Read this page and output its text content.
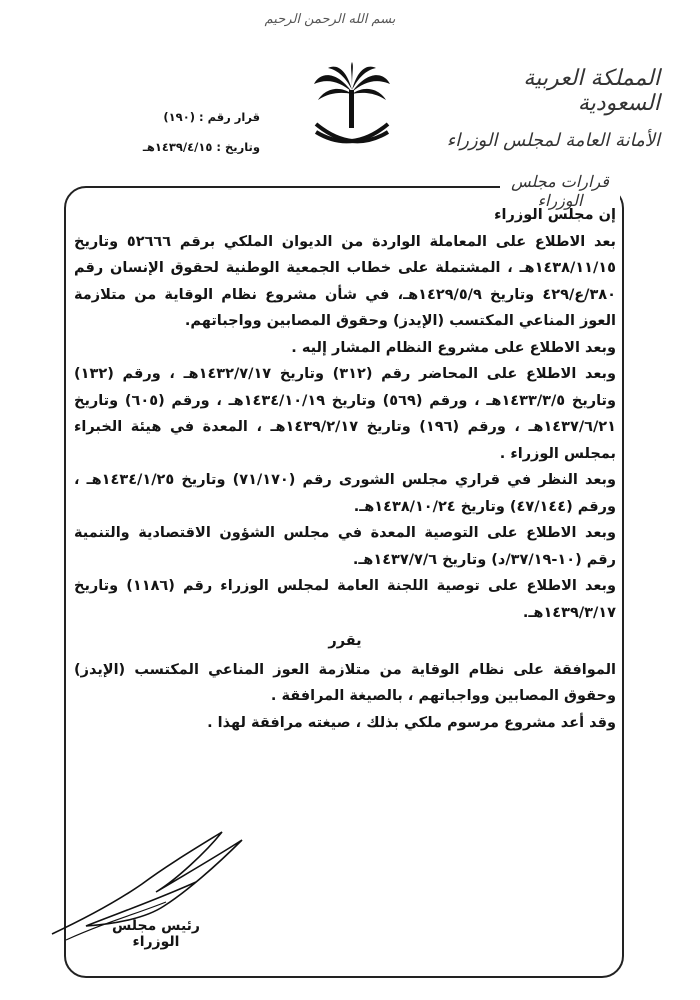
بسم الله الرحمن الرحيم
المملكة العربية السعودية
الأمانة العامة لمجلس الوزراء
قرار رقم : (١٩٠)
وتاريخ : ١٤٣٩/٤/١٥هـ
قرارات مجلس الوزراء

إن مجلس الوزراء

بعد الاطلاع على المعاملة الواردة من الديوان الملكي برقم ٥٢٦٦٦ وتاريخ ١٤٣٨/١١/١٥هـ ، المشتملة على خطاب الجمعية الوطنية لحقوق الإنسان رقم ٣٨٠/ع/٤٢٩ وتاريخ ١٤٢٩/٥/٩هـ، في شأن مشروع نظام الوقاية من متلازمة العوز المناعي المكتسب (الإيدز) وحقوق المصابين وواجباتهم.

وبعد الاطلاع على مشروع النظام المشار إليه .

وبعد الاطلاع على المحاضر رقم (٣١٢) وتاريخ ١٤٣٢/٧/١٧هـ ، ورقم (١٣٢) وتاريخ ١٤٣٣/٣/٥هـ ، ورقم (٥٦٩) وتاريخ ١٤٣٤/١٠/١٩هـ ، ورقم (٦٠٥) وتاريخ ١٤٣٧/٦/٢١هـ ، ورقم (١٩٦) وتاريخ ١٤٣٩/٢/١٧هـ ، المعدة في هيئة الخبراء بمجلس الوزراء .

وبعد النظر في قراري مجلس الشورى رقم (٧١/١٧٠) وتاريخ ١٤٣٤/١/٢٥هـ ، ورقم (٤٧/١٤٤) وتاريخ ١٤٣٨/١٠/٢٤هـ.

وبعد الاطلاع على التوصية المعدة في مجلس الشؤون الاقتصادية والتنمية رقم (١٠-٣٧/١٩/د) وتاريخ ١٤٣٧/٧/٦هـ.

وبعد الاطلاع على توصية اللجنة العامة لمجلس الوزراء رقم (١١٨٦) وتاريخ ١٤٣٩/٣/١٧هـ.

يقرر

الموافقة على نظام الوقاية من متلازمة العوز المناعي المكتسب (الإيدز) وحقوق المصابين وواجباتهم ، بالصيغة المرافقة .

وقد أعد مشروع مرسوم ملكي بذلك ، صيغته مرافقة لهذا .

رئيس مجلس الوزراء
